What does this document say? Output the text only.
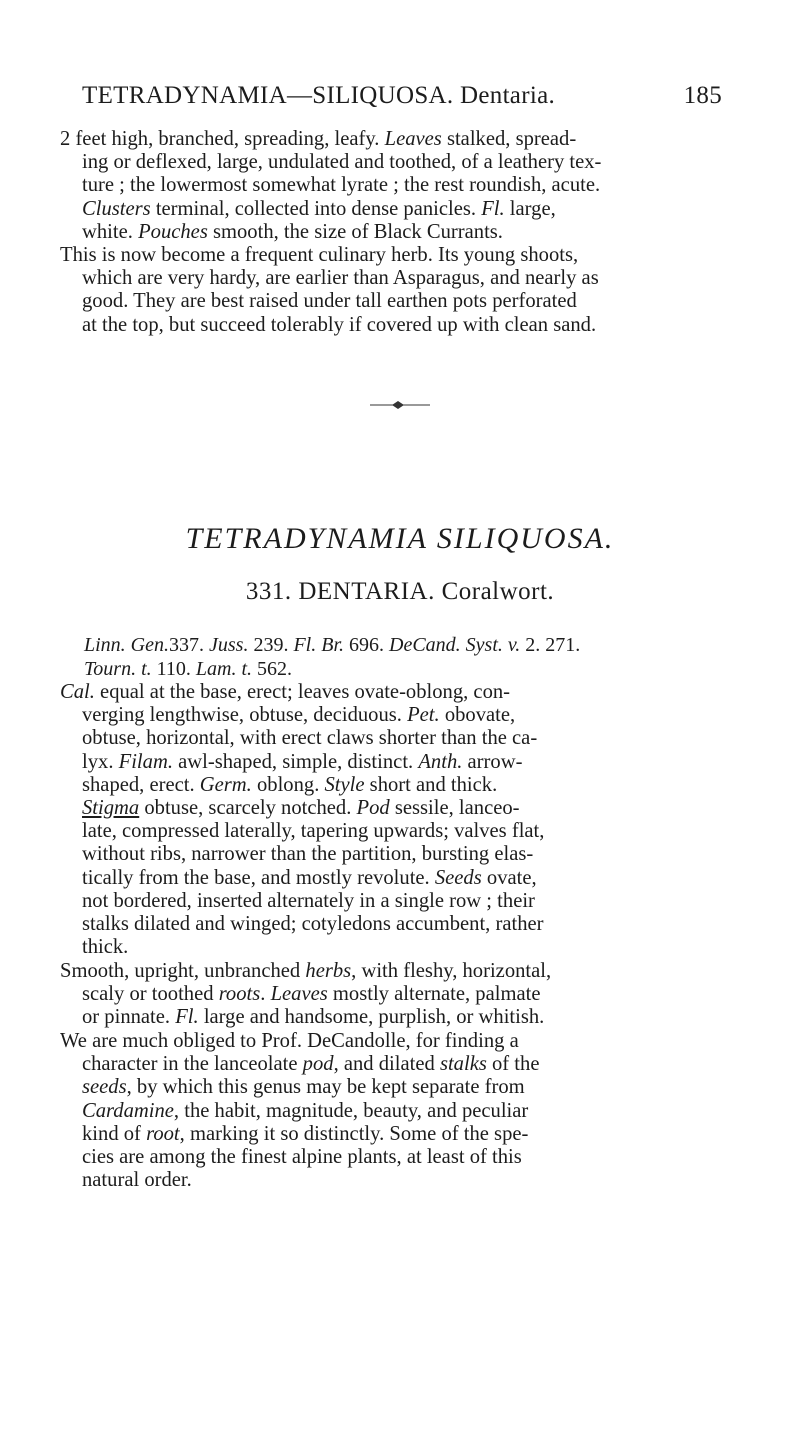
TETRADYNAMIA—SILIQUOSA. Dentaria.	185
2 feet high, branched, spreading, leafy. Leaves stalked, spread-
ing or deflexed, large, undulated and toothed, of a leathery tex-
ture ; the lowermost somewhat lyrate ; the rest roundish, acute.
Clusters terminal, collected into dense panicles. Fl. large,
white. Pouches smooth, the size of Black Currants.
This is now become a frequent culinary herb. Its young shoots,
which are very hardy, are earlier than Asparagus, and nearly as
good. They are best raised under tall earthen pots perforated
at the top, but succeed tolerably if covered up with clean sand.
TETRADYNAMIA SILIQUOSA.
331. DENTARIA. Coralwort.
Linn. Gen.337. Juss. 239. Fl. Br. 696. DeCand. Syst. v. 2. 271.
Tourn. t. 110. Lam. t. 562.
Cal. equal at the base, erect; leaves ovate-oblong, con-
verging lengthwise, obtuse, deciduous. Pet. obovate,
obtuse, horizontal, with erect claws shorter than the ca-
lyx. Filam. awl-shaped, simple, distinct. Anth. arrow-
shaped, erect. Germ. oblong. Style short and thick.
Stigma obtuse, scarcely notched. Pod sessile, lanceo-
late, compressed laterally, tapering upwards; valves flat,
without ribs, narrower than the partition, bursting elas-
tically from the base, and mostly revolute. Seeds ovate,
not bordered, inserted alternately in a single row ; their
stalks dilated and winged; cotyledons accumbent, rather
thick.
Smooth, upright, unbranched herbs, with fleshy, horizontal,
scaly or toothed roots. Leaves mostly alternate, palmate
or pinnate. Fl. large and handsome, purplish, or whitish.
We are much obliged to Prof. DeCandolle, for finding a
character in the lanceolate pod, and dilated stalks of the
seeds, by which this genus may be kept separate from
Cardamine, the habit, magnitude, beauty, and peculiar
kind of root, marking it so distinctly. Some of the spe-
cies are among the finest alpine plants, at least of this
natural order.
